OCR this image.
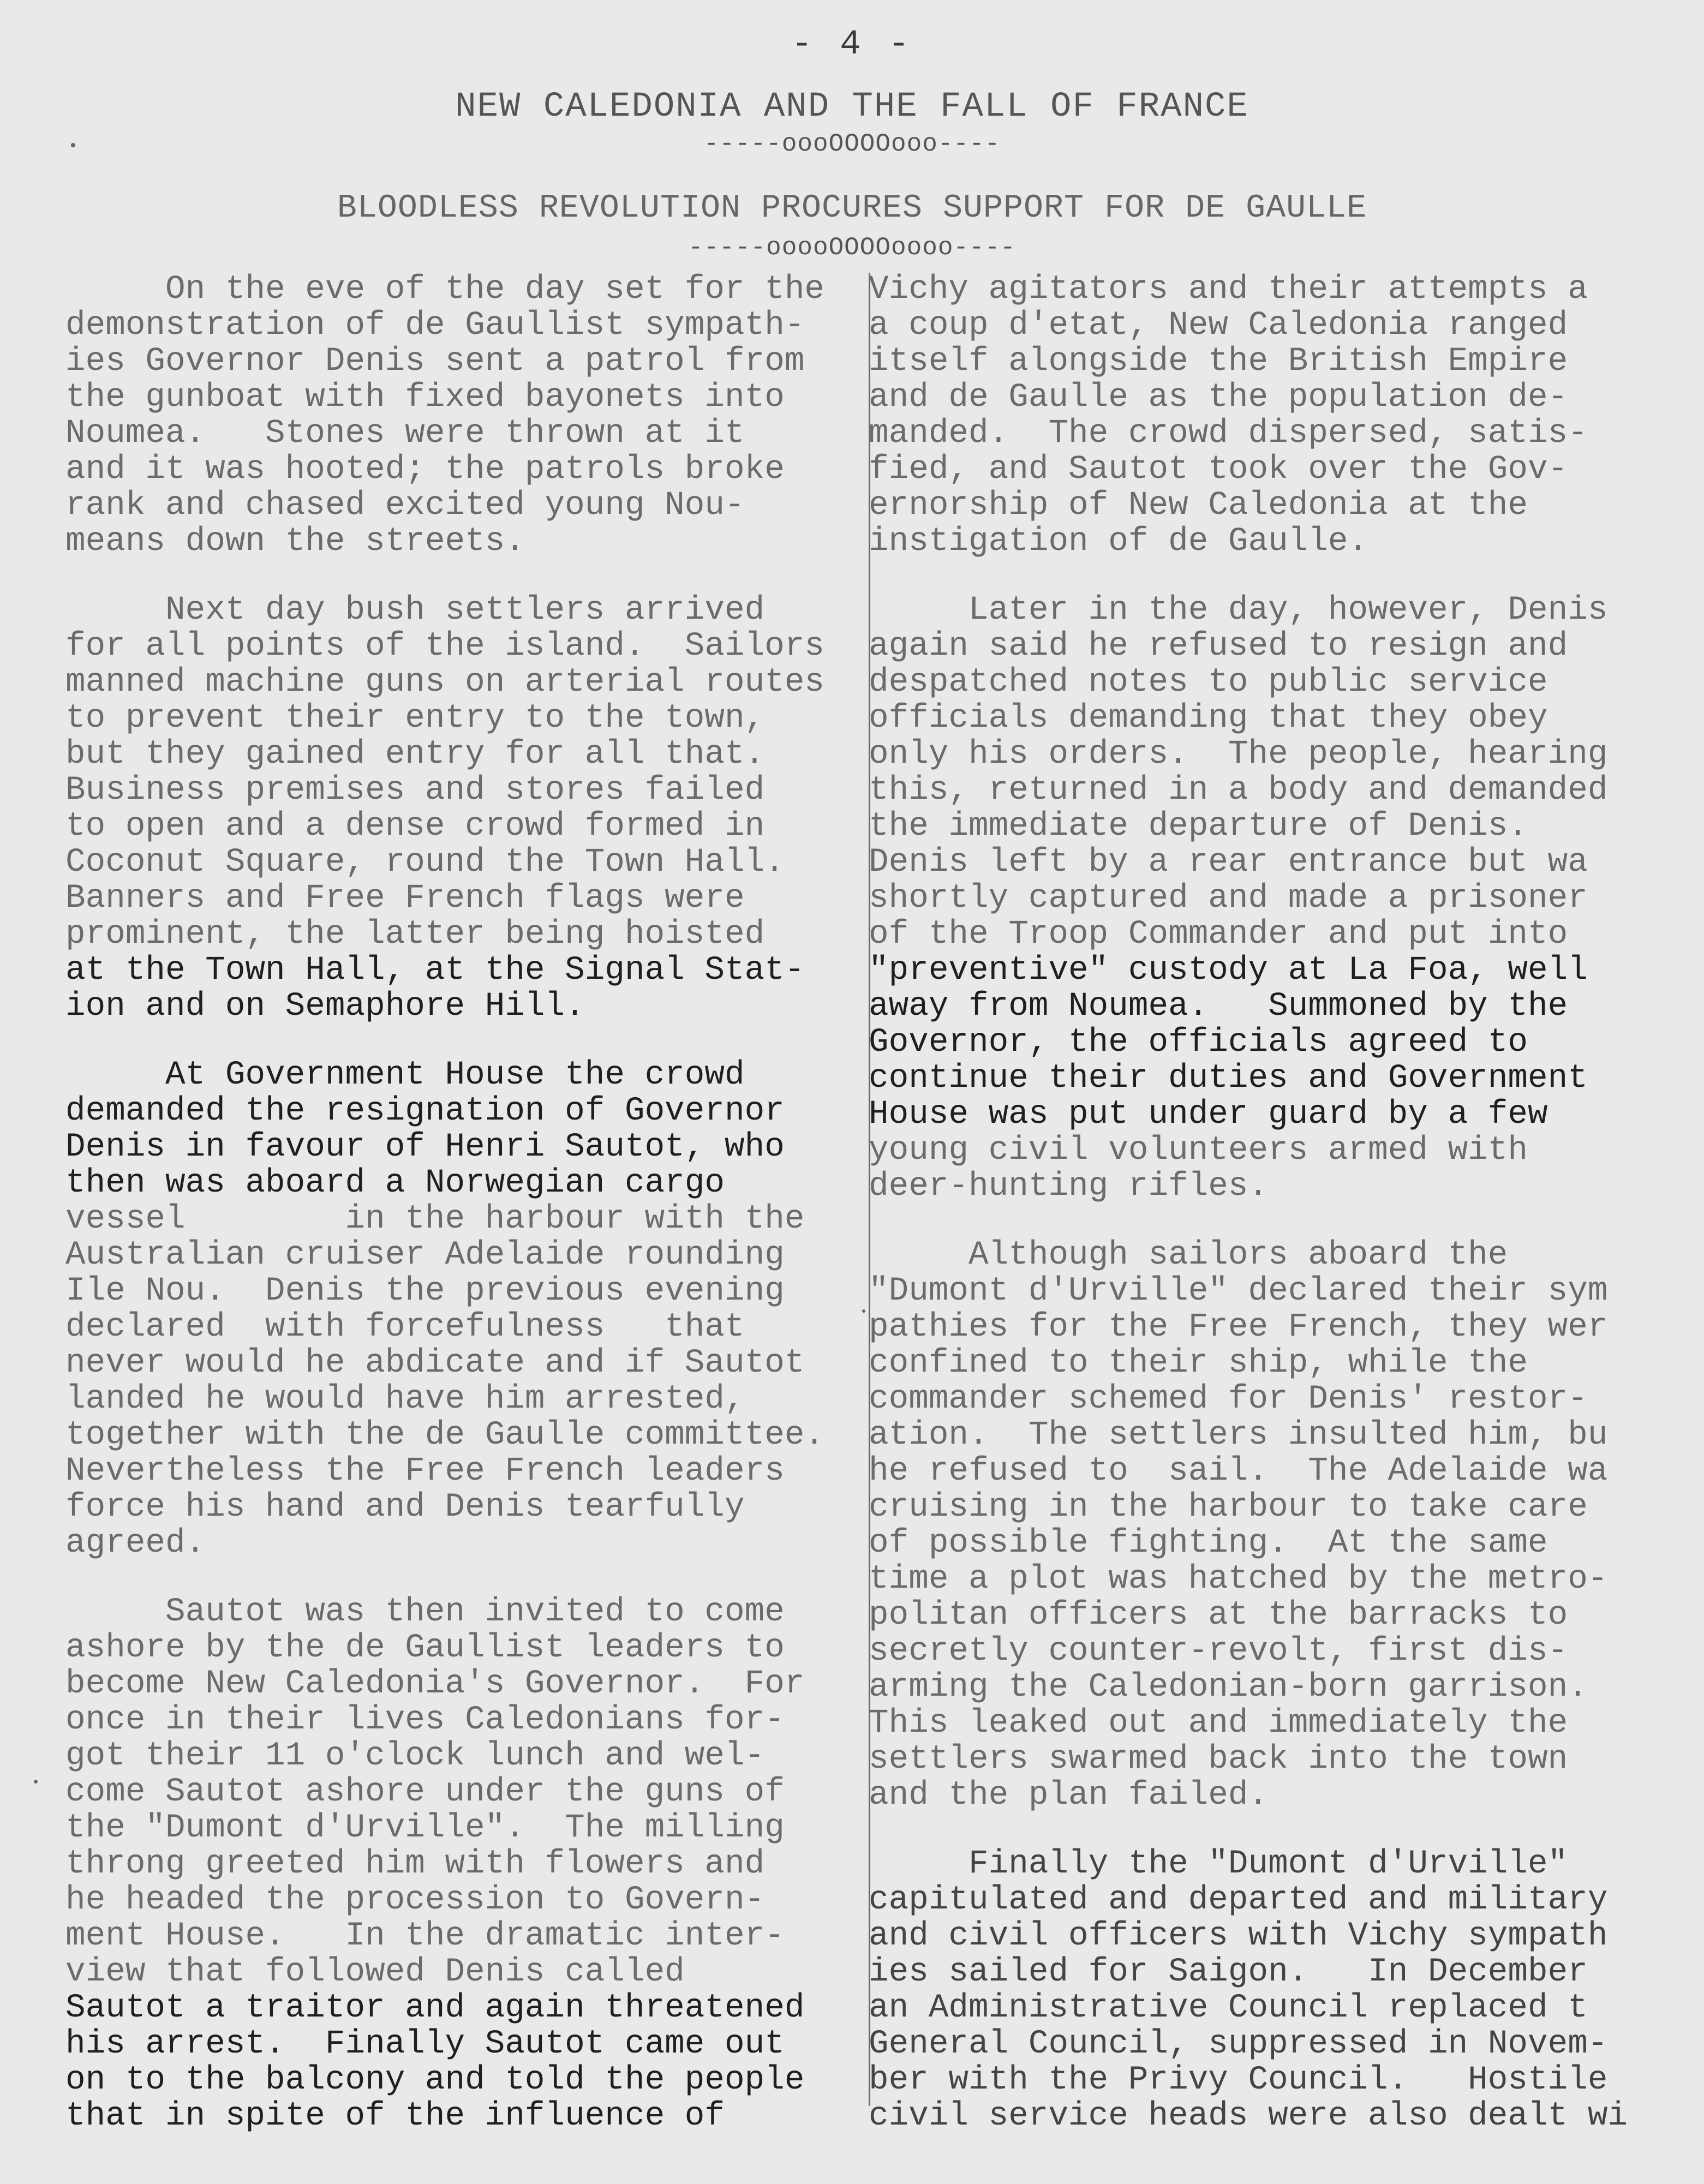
- 4 -
NEW CALEDONIA AND THE FALL OF FRANCE
-----oooOOOOooo----
BLOODLESS REVOLUTION PROCURES SUPPORT FOR DE GAULLE
-----ooooOOOOoooo----
On the eve of the day set for the
demonstration of de Gaullist sympath-
ies Governor Denis sent a patrol from
the gunboat with fixed bayonets into
Noumea.   Stones were thrown at it
and it was hooted; the patrols broke
rank and chased excited young Nou-
means down the streets.
Next day bush settlers arrived
for all points of the island.  Sailors
manned machine guns on arterial routes
to prevent their entry to the town,
but they gained entry for all that.
Business premises and stores failed
to open and a dense crowd formed in
Coconut Square, round the Town Hall.
Banners and Free French flags were
prominent, the latter being hoisted
at the Town Hall, at the Signal Stat-
ion and on Semaphore Hill.
At Government House the crowd
demanded the resignation of Governor
Denis in favour of Henri Sautot, who
then was aboard a Norwegian cargo
vessel        in the harbour with the
Australian cruiser Adelaide rounding
Ile Nou.  Denis the previous evening
declared  with forcefulness   that
never would he abdicate and if Sautot
landed he would have him arrested,
together with the de Gaulle committee.
Nevertheless the Free French leaders
force his hand and Denis tearfully
agreed.
Sautot was then invited to come
ashore by the de Gaullist leaders to
become New Caledonia's Governor.  For
once in their lives Caledonians for-
got their 11 o'clock lunch and wel-
come Sautot ashore under the guns of
the "Dumont d'Urville".  The milling
throng greeted him with flowers and
he headed the procession to Govern-
ment House.   In the dramatic inter-
view that followed Denis called
Sautot a traitor and again threatened
his arrest.  Finally Sautot came out
on to the balcony and told the people
that in spite of the influence of
Vichy agitators and their attempts a
a coup d'etat, New Caledonia ranged
itself alongside the British Empire
and de Gaulle as the population de-
manded.  The crowd dispersed, satis-
fied, and Sautot took over the Gov-
ernorship of New Caledonia at the
instigation of de Gaulle.
Later in the day, however, Denis
again said he refused to resign and
despatched notes to public service
officials demanding that they obey
only his orders.  The people, hearing
this, returned in a body and demanded
the immediate departure of Denis.
Denis left by a rear entrance but wa
shortly captured and made a prisoner
of the Troop Commander and put into
"preventive" custody at La Foa, well
away from Noumea.   Summoned by the
Governor, the officials agreed to
continue their duties and Government
House was put under guard by a few
young civil volunteers armed with
deer-hunting rifles.
Although sailors aboard the
"Dumont d'Urville" declared their sym
pathies for the Free French, they wer
confined to their ship, while the
commander schemed for Denis' restor-
ation.  The settlers insulted him, bu
he refused to  sail.  The Adelaide wa
cruising in the harbour to take care
of possible fighting.  At the same
time a plot was hatched by the metro-
politan officers at the barracks to
secretly counter-revolt, first dis-
arming the Caledonian-born garrison.
This leaked out and immediately the
settlers swarmed back into the town
and the plan failed.
Finally the "Dumont d'Urville"
capitulated and departed and military
and civil officers with Vichy sympath
ies sailed for Saigon.   In December
an Administrative Council replaced t
General Council, suppressed in Novem-
ber with the Privy Council.   Hostile
civil service heads were also dealt wi
